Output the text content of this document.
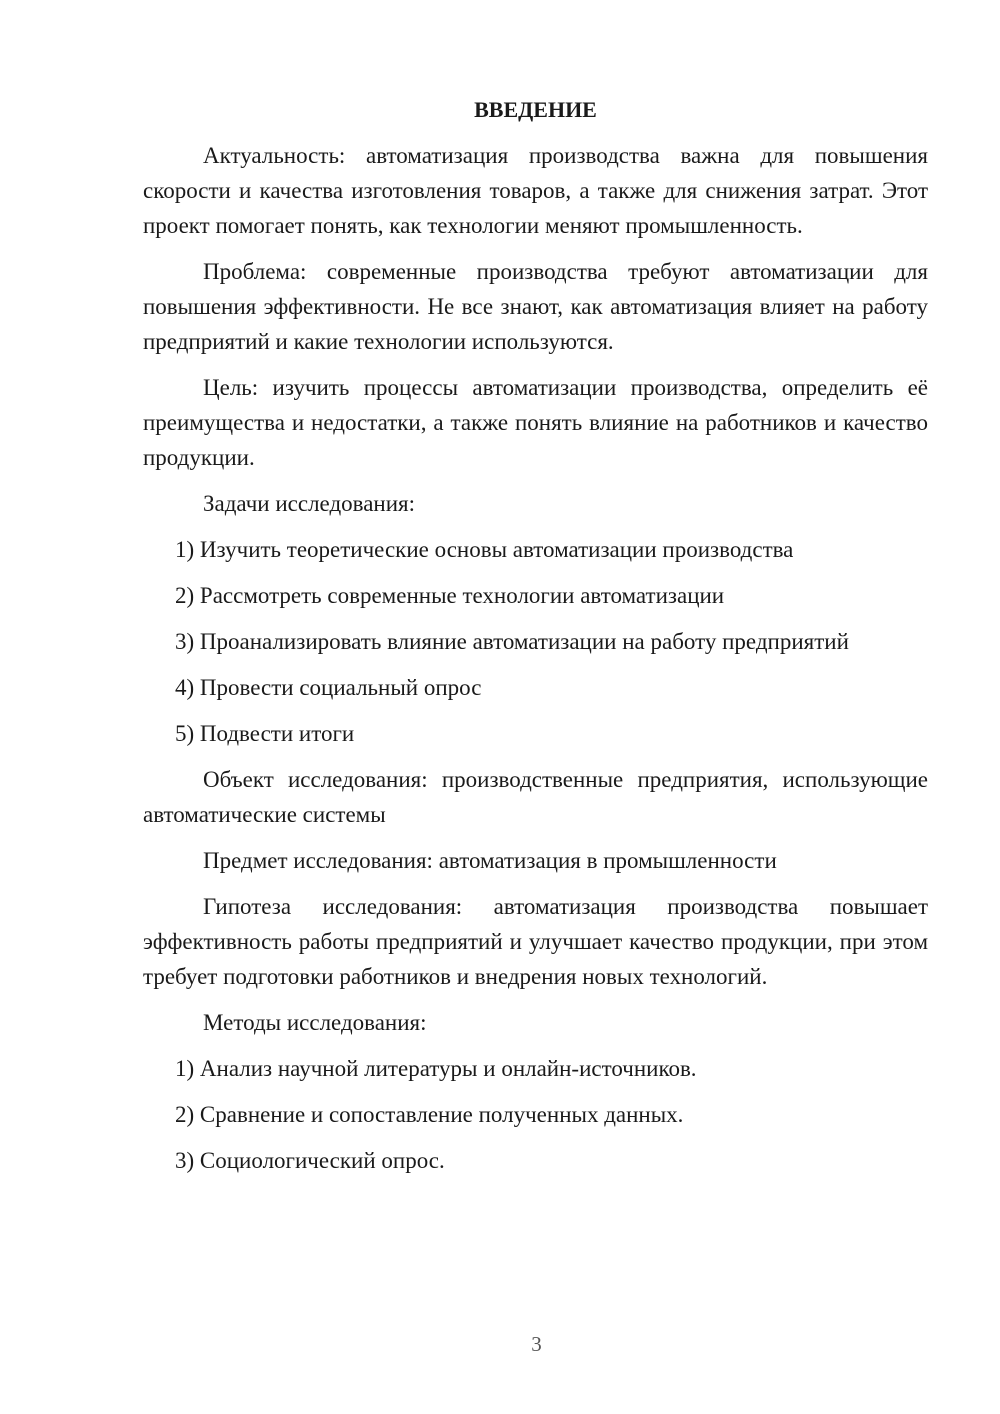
ВВЕДЕНИЕ

Актуальность: автоматизация производства важна для повышения скорости и качества изготовления товаров, а также для снижения затрат. Этот проект помогает понять, как технологии меняют промышленность.

Проблема: современные производства требуют автоматизации для повышения эффективности. Не все знают, как автоматизация влияет на работу предприятий и какие технологии используются.

Цель: изучить процессы автоматизации производства, определить её преимущества и недостатки, а также понять влияние на работников и качество продукции.

Задачи исследования:

1) Изучить теоретические основы автоматизации производства

2) Рассмотреть современные технологии автоматизации

3) Проанализировать влияние автоматизации на работу предприятий

4) Провести социальный опрос

5) Подвести итоги

Объект исследования: производственные предприятия, использующие автоматические системы

Предмет исследования: автоматизация в промышленности

Гипотеза исследования: автоматизация производства повышает эффективность работы предприятий и улучшает качество продукции, при этом требует подготовки работников и внедрения новых технологий.

Методы исследования:

1) Анализ научной литературы и онлайн-источников.

2) Сравнение и сопоставление полученных данных.

3) Социологический опрос.

3
